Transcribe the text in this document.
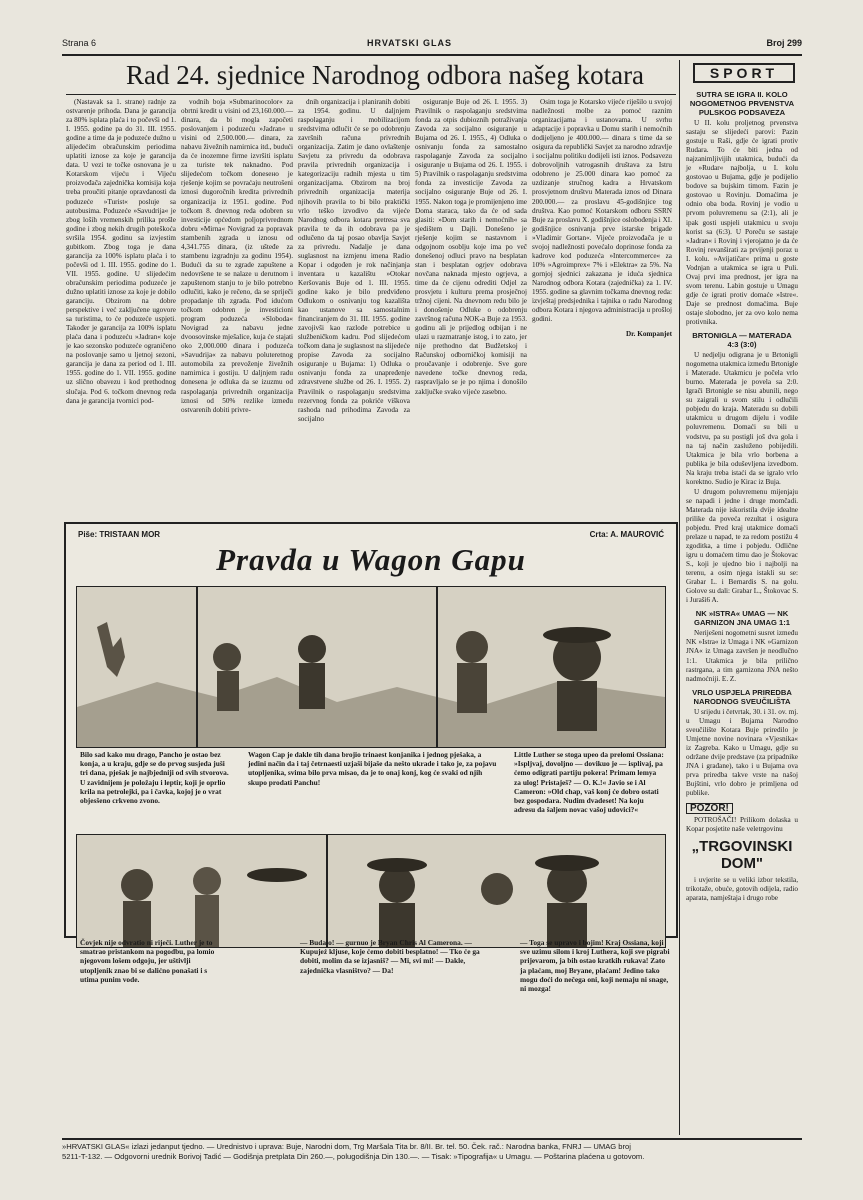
Strana 6	HRVATSKI GLAS	Broj 299
Rad 24. sjednice Narodnog odbora našeg kotara

(Nastavak sa 1. strane) radnje za ostvarenje prihoda. Dana je garancija za 80% isplata plaća i to počevši od 1. I. 1955. godine pa do 31. III. 1955. godine a time da je poduzeće dužno u alijedećim obračunskim periodima uplatiti iznose za koje je garancija data. U vezi te točke osnovana je u Kotarskom vijeću i Vijeću proizvođača zajednička komisija koja treba proučiti pitanje opravdanosti da poduzeće »Turist« posluje sa autobusima. Poduzeće »Savudrija« je zbog loših vremenskih prilika prošle godine i zbog nekih drugih poteškoća svršila 1954. godinu sa izvjestim gubitkom. Zbog toga je dana garancija za 100% isplatu plaća i to počevši od 1. III. 1955. godine do 1. VII. 1955. godine. U slijedećim obračunskim periodima poduzeće je dužno uplatiti iznose za koje je dobilo garanciju. Obzirom na dobre perspektive i već zaključene ugovore sa turistima, to će poduzeće uspjeti. Također je garancija za 100% isplatu plaća dana i poduzeću »Jadran« koje je kao sezonsko poduzeće ograničeno na poslovanje samo u ljetnoj sezoni, garancija je dana za period od 1. III. 1955. godine do 1. VII. 1955. godine uz slično obavezu i kod prethodnog slučaja. Pod 6. točkom dnevnog reda dana je garancija tvornici pod-

vodnih boja »Submarinocolor« za obrtni kredit u visini od 23,160.000.— dinara, da bi mogla započeti poslovanjem i poduzeću »Jadran« u visini od 2,500.000.— dinara, za nabavu živežnih namirnica itd., budući da će inozemne firme izvršiti isplatu za turiste tek naknadno. Pod slijedećom točkom donesено je rješenje kojim se povraćaju neutrošeni iznosi dugoročnih kredita privrednih organizacija iz 1951. godine. Pod točkom 8. dnevnog reda odobren su investicije općedom poljoprivrednom dobru »Mirna« Novigrad za popravak stambenih zgrada u iznosu od 4,341.755 dinara, (iz ušteđe za stambenu izgradnju za godinu 1954). Budući da su te zgrade zapuštene a nedovršene te se nalaze u derutnom i zapuštenom stanju to je bilo potrebno odlučiti, kako je rečeno, da se spriječi propadanje tih zgrada. Pod idućom točkom odobren je investicioni program poduzeća »Sloboda« Novigrad za nabavu jedne dvoosovinske mješalice, kuja će stajati oko 2,000.000 dinara i poduzeća »Savudrija« za nabavu poluteretnog automobila za prevoženje živežnih namirnica i gostiju. U daljnjem radu donesena je odluka da se izuzmu od raspolaganja privrednih organizacija iznosi od 50% rezlike između ostvarenih dobiti privre-

dnih organizacija i planiranih dobiti za 1954. godinu. U daljnjem raspolaganju i mobilizacijom sredstvima odlučit će se po odobrenju završnih računa privrednih organizacija. Zatim je dano ovlaštenje Savjetu za privredu da odobrava pravila privrednih organizacija i kategorizaciju radnih mjesta u tim organizacijama. Obzirom na broj privrednih organizacija materija njihovih pravila to bi bilo praktički vrlo teško izvodivo da vijeće Narodnog odbora kotara pretresa sva pravila te da ih odobrava pa je odlučeno da taj posao obavlja Savjet za privredu. Nadalje je dana suglasnost na izmjenu imena Radio Kopar i odgođen je rok načinjanja inventara u kazalištu »Otokar Keršovanis Buje od 1. III. 1955. godine kako je bilo predviđeno Odlukom o osnivanju tog kazališta kao ustanove sa samostalnim financiranjem do 31. III. 1955. godine zavojivši kao razlođe potrebice u službeničkom kadru. Pod slijedećom točkom dana je suglasnost na slijedeće propise Zavoda za socijalno osiguranje u Bujama: 1) Odluka o osnivanju fonda za unapređenje zdravstvene službe od 26. I. 1955. 2) Pravilnik o raspolaganju sredstvima rezervnog fonda za pokriće viškova rashoda nad prihodima Zavoda za socijalno

osiguranje Buje od 26. I. 1955. 3) Pravilnik o raspolaganju sredstvima fonda za otpis dubioznih potraživanja Zavoda za socijalno osiguranje u Bujama od 26. I. 1955., 4) Odluka o osnivanju fonda za samostalno raspolaganje Zavoda za socijalno osiguranje u Bujama od 26. I. 1955. i 5) Pravilnik o raspolaganju sredstvima fonda za investicije Zavoda za socijalno osiguranje Buje od 26. I. 1955. Nakon toga je promijenjeno ime Doma staraca, tako da će od sada glasiti: »Dom starih i nemoćnih« sa sjedištem u Dajli. Donešeno je rješenje kojim se nastavnom i odgojnom osoblju koje ima po več donešenoj odluci pravo na besplatan stan i besplatan ogrjev odobrava novčana naknada mjesto ogrjeva, a time da će cijenu odrediti Odjel za prosvjetu i kulturu prema prosječnoj tržnoj cijeni. Na dnevnom redu bilo je i donošenje Odluke o odobrenju završnog računa NOK-a Buje za 1953. godinu ali je prijedlog odbijan i ne ulazi u razmatranje istog, i to zato, jer nije prethodno dat Budžetskoj i Računskoj odborničkoj komisiji na proučavanje i odobrenje. Sve gore navedene točke dnevnog reda, raspravljalo se je po njima i donošilo zaključke svako vijeće zasebno.

Osim toga je Kotarsko vijeće riješilo u svojoj nadležnosti molbe za pomoć raznim organizacijama i ustanovama. U svrhu adaptacije i popravka u Domu starih i nemoćnih dodijeljeno je 400.000.— dinara s time da se osigura da republički Savjet za narodno zdravlje i socijalnu politiku dodijeli isti iznos. Podsavezu dobrovoljnih vatrogasnih društava za Istru odobreno je 25.000 dinara kao pomoć za uzdizanje stručnog kadra a Hrvatskom prosvjetnom društvu Materada iznos od Dinara 200.000.— za proslavu 45-godišnjice tog društva. Kao pomoć Kotarskom odboru SSRN Buje za proslavu X. godišnjice oslobođenja i XI. godišnjice osnivanja prve istarske brigade »Vladimir Gortan«. Vijeće proizvođača je u svojoj nadležnosti povećalo doprinose fonda za kadrove kod poduzeća »Intercommerce« za 10% »Agroimprex« 7% i »Elektra« za 5%. Na gornjoj sjednici zakazana je iduća sjednica Narodnog odbora Kotara (zajednička) za 1. IV. 1955. godine sa glavnim točkama dnevnog reda: izvještaj predsjednika i tajnika o radu Narodnog odbora Kotara i njegova administracija u prošloj godini.

Dr. Kompanjet
SPORT
SUTRA SE IGRA II. KOLO NOGOMETNOG PRVENSTVA PULSKOG PODSAVEZA

U II. kolu proljetnog prvenstva sastaju se slijedeći parovi: Pazin gostuje u Raši, gdje će igrati protiv Rudara. To će biti jedna od najzanimljivijih utakmica, budući da je »Rudar« najbolja, u I. kolu gostovao u Bujama, gdje je podijelio bodove sa bujskim timom. Fazin je gostovao u Rovinju. Domaćima je odnio oba boda. Rovinj je vodio u prvom poluvremenu sa (2:1), ali je ipak gosti uspjeli utakmicu u svoju korist sa (6:3). U Poreču se sastaje »Jadran« i Rovinj i vjerojatno je da će Rovinj revanširati za prvijenji poraz u I. kolu. »Avijatičar« prima u goste Vodnjan a utakmica se igra u Puli. Ovaj prvi ima prednost, jer igra na svom terenu. Labin gostuje u Umagu gdje će igrati protiv domaće »Istre«. Daje se prednost domaćima. Buje ostaje slobodno, jer za ovo kolo nema protivnika.

BRTONIGLA — MATERADA 4:3 (3:0)

U nedjelju odigrana je u Brtonigli nogometna utakmica između Brtonigle i Materade. Utakmicu je počela vrlo burno. Materada je povela sa 2:0. Igrači Brtonigle se nisu abunili, nego su zaigrali u svom stilu i odlučili pobjedu do kraja. Materadu su dobili utakmicu u drugom dijelu i vodile poluvremenu. Domaći su bili u vodstvu, pa su postigli još dva gola i na taj način zasluženo pobijedili. Utakmica je bila vrlo borbena a publika je bila oduševljena izvedbom. Na kraju treba istaći da se igralo vrlo korektno. Sudio je Kirac iz Buja.

U drugom poluvremenu mijenjaju se napadi i jedne i druge momčadi. Materada nije iskoristila dvije idealne prilike da poveća rezultat i osigura pobjedu. Pred kraj utakmice domaći prelaze u napad, te za redom postižu 4 zgoditka, a time i pobjedu. Odlične igru u domaćem timu dao je Štokovac S., koji je ujedno bio i najbolji na terenu, a osim njega istakli su se: Grabar L. i Bernardis S. na golu. Golove su dali: Grabar L., Štokovac S. i Juraši6 A.

NK »ISTRA« UMAG — NK GARNIZON JNA UMAG 1:1

Neriješeni nogometni susret između NK »Istra« iz Umaga i NK »Garnizon JNA« iz Umaga završen je neodlučno 1:1. Utakmica je bila prilično rastrgana, a tim garnizona JNA nešto nadmoćniji. E. Z.

VRLO USPJELA PRIREDBA NARODNOG SVEUČILIŠTA

U srijedu i četvrtak, 30. i 31. ov. mj. u Umagu i Bujama Narodno sveučilište Kotara Buje priredilo je Umjetne novine novinara »Vjesnika« iz Zagreba. Kako u Umagu, gdje su održane dvije predstave (za pripadnike JNA i građane), tako i u Bujama ova prva priredba takve vrste na našoj Bujštini, vrlo dobro je primljena od publike.

POZOR!

POTROŠAČI! Prilikom dolaska u Kopar posjetite naše veletrgovinu

„TRGOVINSKI DOM"

i uvjerite se u veliki izbor tekstila, trikotaže, obuće, gotovih odijela, radio aparata, namještaja i drugo robe

Piše: TRISTAAN MOR	Crta: A. MAUROVIĆ
Pravda u Wagon Gapu
Bilo sad kako mu drago, Pancho je ostao bez konja, a u kraju, gdje se do prvog susjeda juši tri dana, pješak je najbjedniji od svih stvorova. U zavidnijem je položaju i leptir, koji je oprlio krila na petrolejki, pa i čavka, kojoj je o vrat objesšeno crkveno zvono.
Wagon Cap je dakle tih dana brojio trinaest konjanika i jednog pješaka, a jedini način da i taj četrnaesti uzjaši bijaše da nešto ukrade i tako je, za pojavu utopljenika, svima bilo prva misao, da je to onaj konj, kog će svaki od njih skupo prodati Panchu!
Little Luther se stoga upeo da prelomi Ossiana: »Ispljvaj, dovoljno — dovikuo je — isplivaj, pa ćemo odigrati partiju pokera! Primam lemya za ulog! Pristaješ? — O. K.!« Javio se i Al Cameron: »Old chap, vaš konj će dobro ostati bez gospodara. Nudim dvadeset! Na koju adresu da šaljem novac vašoj udovici?«
Čovjek nije odvratio ni riječi. Luther je to smatrao pristankom na pogodbu, pa lomio njegovom lošem odgoju, jer uštivlji utopljenik znao bi se dalićno ponašati i s utima punim vode.
— Budalo! — gurnuo je Bryan Chris Al Camerona. — Kupujeź kljuse, koje ćemo dobiti besplatno! — Tko će ga dobiti, molim da se izjasniš? — Mi, svi mi! — Dakle, zajednička vlasništvo? — Da!
— Toga se upravo i bojim! Kraj Ossiana, koji sve uzimu silom i kroj Luthera, koji sve pigrabi prijevarom, ja bih ostao kratkih rukava! Zato ja plaćam, moj Bryane, plaćam! Jedino tako mogu doći do nečega oni, koji nemaju ni snage, ni mozga!
»HRVATSKI GLAS« izlazi jedanput tjedno. — Urednistvo i uprava: Buje, Narodni dom, Trg Maršala Tita br. 8/II. Br. tel. 50. Ček. rač.: Narodna banka, FNRJ — UMAG broj
5211-T-132. — Odgovorni urednik Borivoj Tadić — Godišnja pretplata Din 260.—, polugodišnja Din 130.—. — Tisak: »Tipografija« u Umagu. — Poštarina plaćena u gotovom.
